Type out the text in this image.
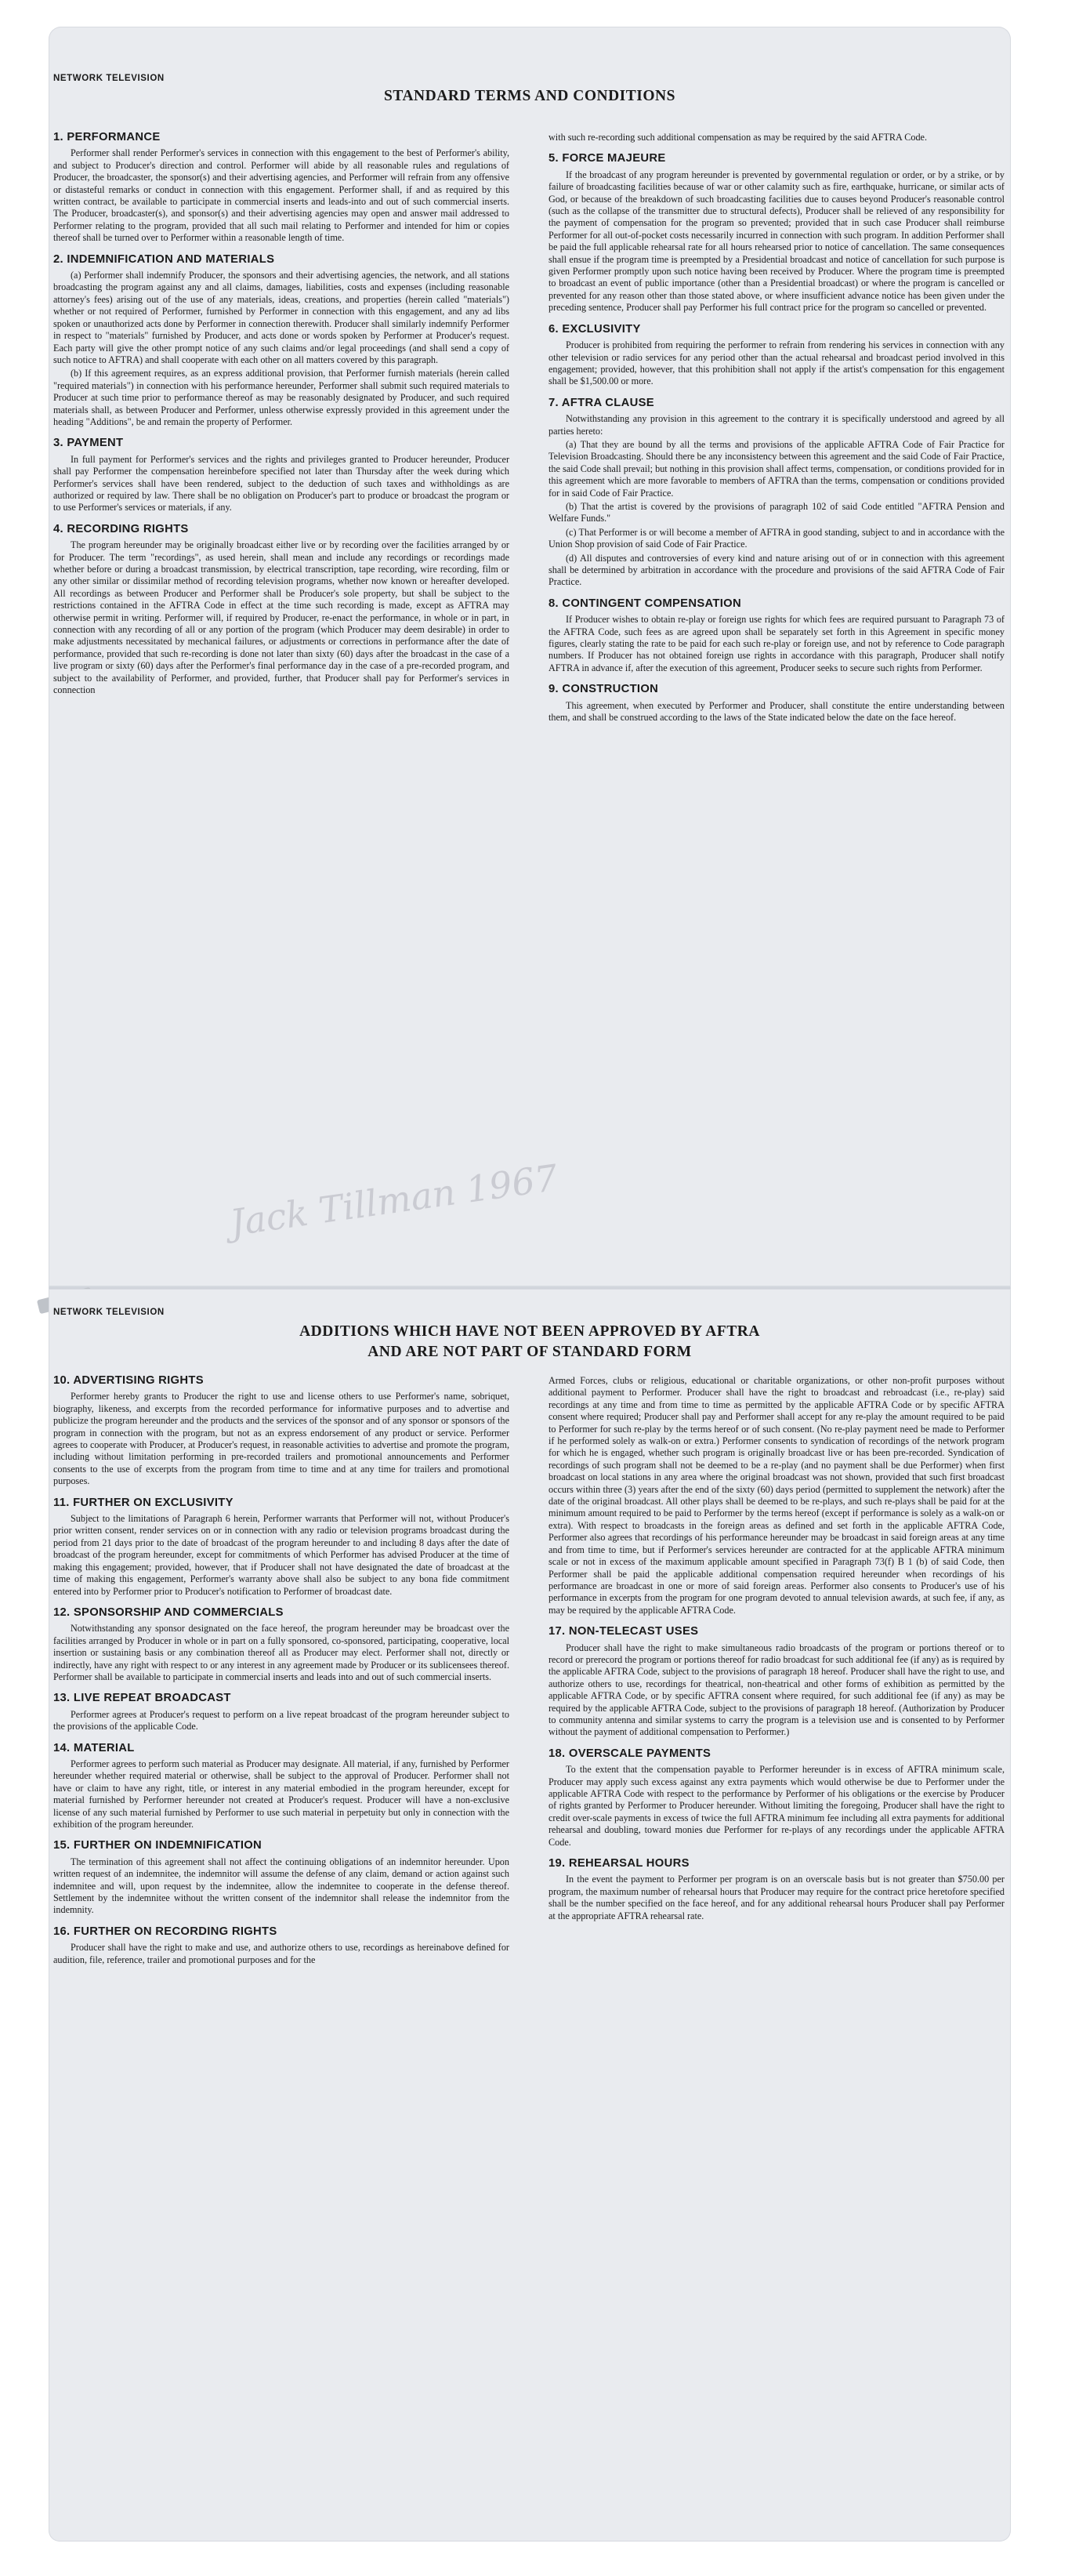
NETWORK TELEVISION
STANDARD TERMS AND CONDITIONS
Jack Tillman 1967
1. PERFORMANCE

Performer shall render Performer's services in connection with this engagement to the best of Performer's ability, and subject to Producer's direction and control. Performer will abide by all reasonable rules and regulations of Producer, the broadcaster, the sponsor(s) and their advertising agencies, and Performer will refrain from any offensive or distasteful remarks or conduct in connection with this engagement. Performer shall, if and as required by this written contract, be available to participate in commercial inserts and leads-into and out of such commercial inserts. The Producer, broadcaster(s), and sponsor(s) and their advertising agencies may open and answer mail addressed to Performer relating to the program, provided that all such mail relating to Performer and intended for him or copies thereof shall be turned over to Performer within a reasonable length of time.

2. INDEMNIFICATION AND MATERIALS

(a) Performer shall indemnify Producer, the sponsors and their advertising agencies, the network, and all stations broadcasting the program against any and all claims, damages, liabilities, costs and expenses (including reasonable attorney's fees) arising out of the use of any materials, ideas, creations, and properties (herein called "materials") whether or not required of Performer, furnished by Performer in connection with this engagement, and any ad libs spoken or unauthorized acts done by Performer in connection therewith. Producer shall similarly indemnify Performer in respect to "materials" furnished by Producer, and acts done or words spoken by Performer at Producer's request. Each party will give the other prompt notice of any such claims and/or legal proceedings (and shall send a copy of such notice to AFTRA) and shall cooperate with each other on all matters covered by this paragraph.

(b) If this agreement requires, as an express additional provision, that Performer furnish materials (herein called "required materials") in connection with his performance hereunder, Performer shall submit such required materials to Producer at such time prior to performance thereof as may be reasonably designated by Producer, and such required materials shall, as between Producer and Performer, unless otherwise expressly provided in this agreement under the heading "Additions", be and remain the property of Performer.

3. PAYMENT

In full payment for Performer's services and the rights and privileges granted to Producer hereunder, Producer shall pay Performer the compensation hereinbefore specified not later than Thursday after the week during which Performer's services shall have been rendered, subject to the deduction of such taxes and withholdings as are authorized or required by law. There shall be no obligation on Producer's part to produce or broadcast the program or to use Performer's services or materials, if any.

4. RECORDING RIGHTS

The program hereunder may be originally broadcast either live or by recording over the facilities arranged by or for Producer. The term "recordings", as used herein, shall mean and include any recordings or recordings made whether before or during a broadcast transmission, by electrical transcription, tape recording, wire recording, film or any other similar or dissimilar method of recording television programs, whether now known or hereafter developed. All recordings as between Producer and Performer shall be Producer's sole property, but shall be subject to the restrictions contained in the AFTRA Code in effect at the time such recording is made, except as AFTRA may otherwise permit in writing. Performer will, if required by Producer, re-enact the performance, in whole or in part, in connection with any recording of all or any portion of the program (which Producer may deem desirable) in order to make adjustments necessitated by mechanical failures, or adjustments or corrections in performance after the date of performance, provided that such re-recording is done not later than sixty (60) days after the broadcast in the case of a live program or sixty (60) days after the Performer's final performance day in the case of a pre-recorded program, and subject to the availability of Performer, and provided, further, that Producer shall pay for Performer's services in connection

with such re-recording such additional compensation as may be required by the said AFTRA Code.

5. FORCE MAJEURE

If the broadcast of any program hereunder is prevented by governmental regulation or order, or by a strike, or by failure of broadcasting facilities because of war or other calamity such as fire, earthquake, hurricane, or similar acts of God, or because of the breakdown of such broadcasting facilities due to causes beyond Producer's reasonable control (such as the collapse of the transmitter due to structural defects), Producer shall be relieved of any responsibility for the payment of compensation for the program so prevented; provided that in such case Producer shall reimburse Performer for all out-of-pocket costs necessarily incurred in connection with such program. In addition Performer shall be paid the full applicable rehearsal rate for all hours rehearsed prior to notice of cancellation. The same consequences shall ensue if the program time is preempted by a Presidential broadcast and notice of cancellation for such purpose is given Performer promptly upon such notice having been received by Producer. Where the program time is preempted to broadcast an event of public importance (other than a Presidential broadcast) or where the program is cancelled or prevented for any reason other than those stated above, or where insufficient advance notice has been given under the preceding sentence, Producer shall pay Performer his full contract price for the program so cancelled or prevented.

6. EXCLUSIVITY

Producer is prohibited from requiring the performer to refrain from rendering his services in connection with any other television or radio services for any period other than the actual rehearsal and broadcast period involved in this engagement; provided, however, that this prohibition shall not apply if the artist's compensation for this engagement shall be $1,500.00 or more.

7. AFTRA CLAUSE

Notwithstanding any provision in this agreement to the contrary it is specifically understood and agreed by all parties hereto:

(a) That they are bound by all the terms and provisions of the applicable AFTRA Code of Fair Practice for Television Broadcasting. Should there be any inconsistency between this agreement and the said Code of Fair Practice, the said Code shall prevail; but nothing in this provision shall affect terms, compensation, or conditions provided for in this agreement which are more favorable to members of AFTRA than the terms, compensation or conditions provided for in said Code of Fair Practice.

(b) That the artist is covered by the provisions of paragraph 102 of said Code entitled "AFTRA Pension and Welfare Funds."

(c) That Performer is or will become a member of AFTRA in good standing, subject to and in accordance with the Union Shop provision of said Code of Fair Practice.

(d) All disputes and controversies of every kind and nature arising out of or in connection with this agreement shall be determined by arbitration in accordance with the procedure and provisions of the said AFTRA Code of Fair Practice.

8. CONTINGENT COMPENSATION

If Producer wishes to obtain re-play or foreign use rights for which fees are required pursuant to Paragraph 73 of the AFTRA Code, such fees as are agreed upon shall be separately set forth in this Agreement in specific money figures, clearly stating the rate to be paid for each such re-play or foreign use, and not by reference to Code paragraph numbers. If Producer has not obtained foreign use rights in accordance with this paragraph, Producer shall notify AFTRA in advance if, after the execution of this agreement, Producer seeks to secure such rights from Performer.

9. CONSTRUCTION

This agreement, when executed by Performer and Producer, shall constitute the entire understanding between them, and shall be construed according to the laws of the State indicated below the date on the face hereof.

NETWORK TELEVISION
ADDITIONS WHICH HAVE NOT BEEN APPROVED BY AFTRA
AND ARE NOT PART OF STANDARD FORM
10. ADVERTISING RIGHTS

Performer hereby grants to Producer the right to use and license others to use Performer's name, sobriquet, biography, likeness, and excerpts from the recorded performance for informative purposes and to advertise and publicize the program hereunder and the products and the services of the sponsor and of any sponsor or sponsors of the program in connection with the program, but not as an express endorsement of any product or service. Performer agrees to cooperate with Producer, at Producer's request, in reasonable activities to advertise and promote the program, including without limitation performing in pre-recorded trailers and promotional announcements and Performer consents to the use of excerpts from the program from time to time and at any time for trailers and promotional purposes.

11. FURTHER ON EXCLUSIVITY

Subject to the limitations of Paragraph 6 herein, Performer warrants that Performer will not, without Producer's prior written consent, render services on or in connection with any radio or television programs broadcast during the period from 21 days prior to the date of broadcast of the program hereunder to and including 8 days after the date of broadcast of the program hereunder, except for commitments of which Performer has advised Producer at the time of making this engagement; provided, however, that if Producer shall not have designated the date of broadcast at the time of making this engagement, Performer's warranty above shall also be subject to any bona fide commitment entered into by Performer prior to Producer's notification to Performer of broadcast date.

12. SPONSORSHIP AND COMMERCIALS

Notwithstanding any sponsor designated on the face hereof, the program hereunder may be broadcast over the facilities arranged by Producer in whole or in part on a fully sponsored, co-sponsored, participating, cooperative, local insertion or sustaining basis or any combination thereof all as Producer may elect. Performer shall not, directly or indirectly, have any right with respect to or any interest in any agreement made by Producer or its sublicensees thereof. Performer shall be available to participate in commercial inserts and leads into and out of such commercial inserts.

13. LIVE REPEAT BROADCAST

Performer agrees at Producer's request to perform on a live repeat broadcast of the program hereunder subject to the provisions of the applicable Code.

14. MATERIAL

Performer agrees to perform such material as Producer may designate. All material, if any, furnished by Performer hereunder whether required material or otherwise, shall be subject to the approval of Producer. Performer shall not have or claim to have any right, title, or interest in any material embodied in the program hereunder, except for material furnished by Performer hereunder not created at Producer's request. Producer will have a non-exclusive license of any such material furnished by Performer to use such material in perpetuity but only in connection with the exhibition of the program hereunder.

15. FURTHER ON INDEMNIFICATION

The termination of this agreement shall not affect the continuing obligations of an indemnitor hereunder. Upon written request of an indemnitee, the indemnitor will assume the defense of any claim, demand or action against such indemnitee and will, upon request by the indemnitee, allow the indemnitee to cooperate in the defense thereof. Settlement by the indemnitee without the written consent of the indemnitor shall release the indemnitor from the indemnity.

16. FURTHER ON RECORDING RIGHTS

Producer shall have the right to make and use, and authorize others to use, recordings as hereinabove defined for audition, file, reference, trailer and promotional purposes and for the

Armed Forces, clubs or religious, educational or charitable organizations, or other non-profit purposes without additional payment to Performer. Producer shall have the right to broadcast and rebroadcast (i.e., re-play) said recordings at any time and from time to time as permitted by the applicable AFTRA Code or by specific AFTRA consent where required; Producer shall pay and Performer shall accept for any re-play the amount required to be paid to Performer for such re-play by the terms hereof or of such consent. (No re-play payment need be made to Performer if he performed solely as walk-on or extra.) Performer consents to syndication of recordings of the network program for which he is engaged, whether such program is originally broadcast live or has been pre-recorded. Syndication of recordings of such program shall not be deemed to be a re-play (and no payment shall be due Performer) when first broadcast on local stations in any area where the original broadcast was not shown, provided that such first broadcast occurs within three (3) years after the end of the sixty (60) days period (permitted to supplement the network) after the date of the original broadcast. All other plays shall be deemed to be re-plays, and such re-plays shall be paid for at the minimum amount required to be paid to Performer by the terms hereof (except if performance is solely as a walk-on or extra). With respect to broadcasts in the foreign areas as defined and set forth in the applicable AFTRA Code, Performer also agrees that recordings of his performance hereunder may be broadcast in said foreign areas at any time and from time to time, but if Performer's services hereunder are contracted for at the applicable AFTRA minimum scale or not in excess of the maximum applicable amount specified in Paragraph 73(f) B 1 (b) of said Code, then Performer shall be paid the applicable additional compensation required hereunder when recordings of his performance are broadcast in one or more of said foreign areas. Performer also consents to Producer's use of his performance in excerpts from the program for one program devoted to annual television awards, at such fee, if any, as may be required by the applicable AFTRA Code.

17. NON-TELECAST USES

Producer shall have the right to make simultaneous radio broadcasts of the program or portions thereof or to record or prerecord the program or portions thereof for radio broadcast for such additional fee (if any) as is required by the applicable AFTRA Code, subject to the provisions of paragraph 18 hereof. Producer shall have the right to use, and authorize others to use, recordings for theatrical, non-theatrical and other forms of exhibition as permitted by the applicable AFTRA Code, or by specific AFTRA consent where required, for such additional fee (if any) as may be required by the applicable AFTRA Code, subject to the provisions of paragraph 18 hereof. (Authorization by Producer to community antenna and similar systems to carry the program is a television use and is consented to by Performer without the payment of additional compensation to Performer.)

18. OVERSCALE PAYMENTS

To the extent that the compensation payable to Performer hereunder is in excess of AFTRA minimum scale, Producer may apply such excess against any extra payments which would otherwise be due to Performer under the applicable AFTRA Code with respect to the performance by Performer of his obligations or the exercise by Producer of rights granted by Performer to Producer hereunder. Without limiting the foregoing, Producer shall have the right to credit over-scale payments in excess of twice the full AFTRA minimum fee including all extra payments for additional rehearsal and doubling, toward monies due Performer for re-plays of any recordings under the applicable AFTRA Code.

19. REHEARSAL HOURS

In the event the payment to Performer per program is on an overscale basis but is not greater than $750.00 per program, the maximum number of rehearsal hours that Producer may require for the contract price heretofore specified shall be the number specified on the face hereof, and for any additional rehearsal hours Producer shall pay Performer at the appropriate AFTRA rehearsal rate.
